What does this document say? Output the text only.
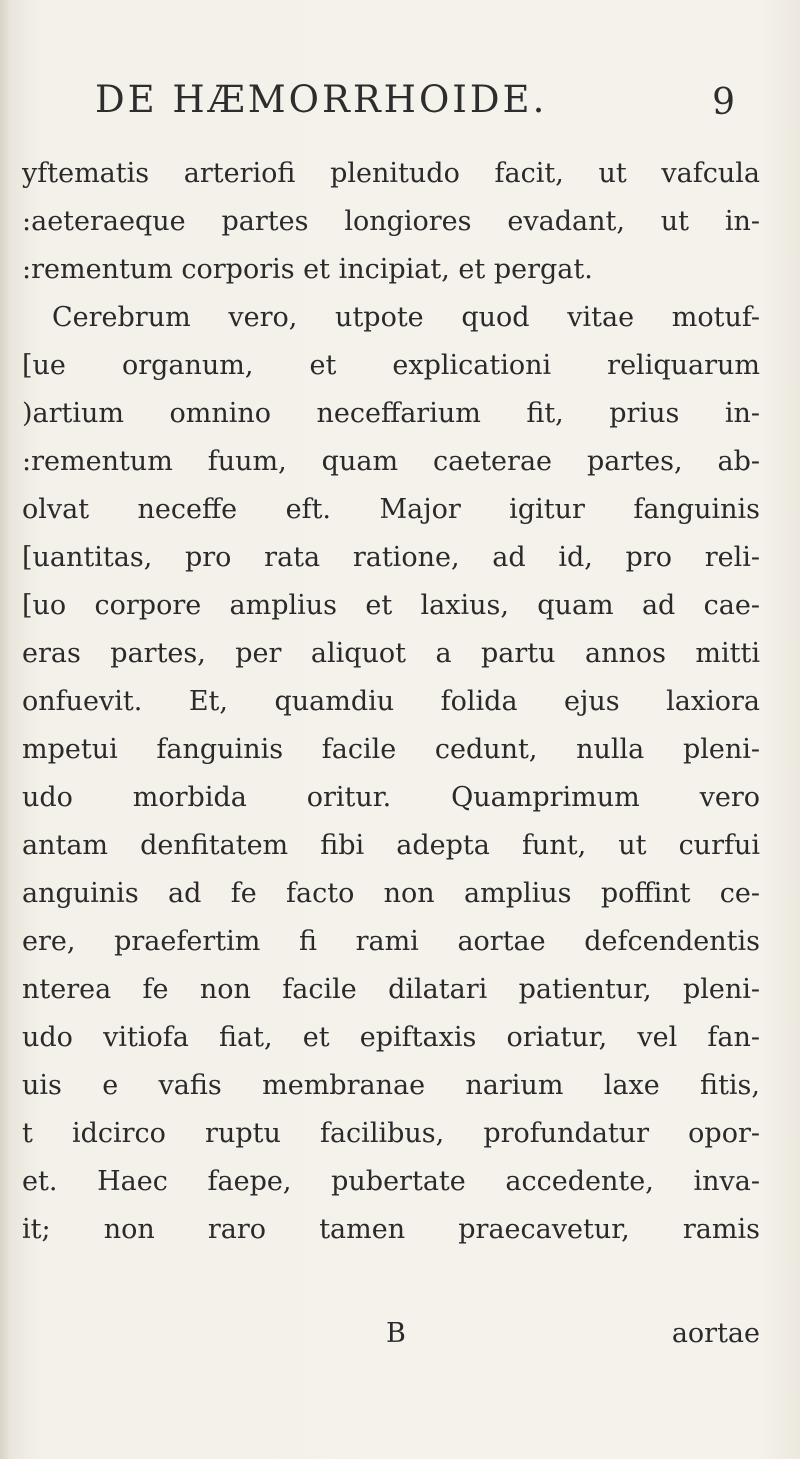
DE HÆMORRHOIDE.	9
yftematis arteriofi plenitudo facit, ut vafcula
:aeteraeque partes longiores evadant, ut in-
:rementum corporis et incipiat, et pergat.
Cerebrum vero, utpote quod vitae motuf-
[ue organum, et explicationi reliquarum
)artium omnino neceffarium fit, prius in-
:rementum fuum, quam caeterae partes, ab-
olvat neceffe eft. Major igitur fanguinis
[uantitas, pro rata ratione, ad id, pro reli-
[uo corpore amplius et laxius, quam ad cae-
eras partes, per aliquot a partu annos mitti
onfuevit. Et, quamdiu folida ejus laxiora
mpetui fanguinis facile cedunt, nulla pleni-
udo morbida oritur. Quamprimum vero
antam denfitatem fibi adepta funt, ut curfui
anguinis ad fe facto non amplius poffint ce-
ere, praefertim fi rami aortae defcendentis
nterea fe non facile dilatari patientur, pleni-
udo vitiofa fiat, et epiftaxis oriatur, vel fan-
uis e vafis membranae narium laxe fitis,
t idcirco ruptu facilibus, profundatur opor-
et. Haec faepe, pubertate accedente, inva-
it; non raro tamen praecavetur, ramis
B	aortae
